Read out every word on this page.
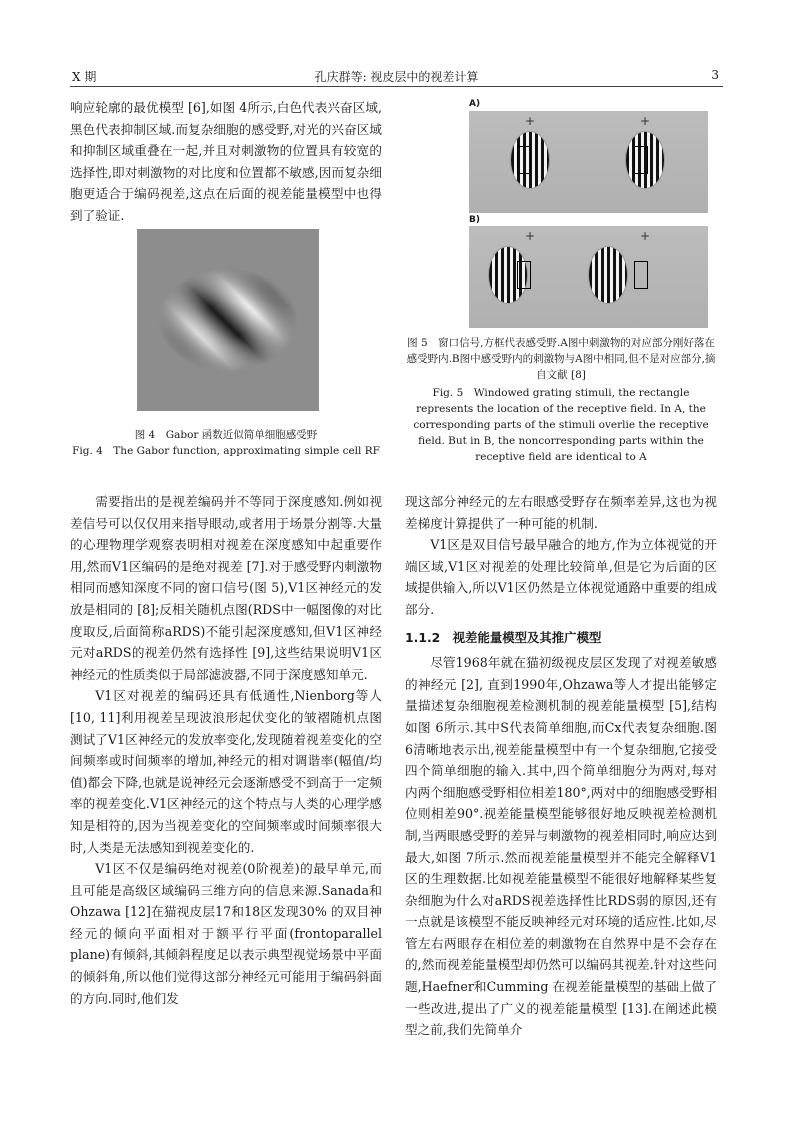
X 期	孔庆群等: 视皮层中的视差计算	3

响应轮廓的最优模型 [6],如图 4所示,白色代表兴奋区域,黑色代表抑制区域.而复杂细胞的感受野,对光的兴奋区域和抑制区域重叠在一起,并且对刺激物的位置具有较宽的选择性,即对刺激物的对比度和位置都不敏感,因而复杂细胞更适合于编码视差,这点在后面的视差能量模型中也得到了验证.

图 4　Gabor 函数近似简单细胞感受野
Fig. 4　The Gabor function, approximating simple cell RF
A)
+	+
B)
+	+
图 5　窗口信号,方框代表感受野.A图中刺激物的对应部分刚好落在感受野内.B图中感受野内的刺激物与A图中相同,但不是对应部分,摘自文献 [8]
Fig. 5　Windowed grating stimuli, the rectangle represents the location of the receptive field. In A, the corresponding parts of the stimuli overlie the receptive field. But in B, the noncorresponding parts within the receptive field are identical to A

需要指出的是视差编码并不等同于深度感知.例如视差信号可以仅仅用来指导眼动,或者用于场景分割等.大量的心理物理学观察表明相对视差在深度感知中起重要作用,然而V1区编码的是绝对视差 [7].对于感受野内刺激物相同而感知深度不同的窗口信号(图 5),V1区神经元的发放是相同的 [8];反相关随机点图(RDS中一幅图像的对比度取反,后面简称aRDS)不能引起深度感知,但V1区神经元对aRDS的视差仍然有选择性 [9],这些结果说明V1区神经元的性质类似于局部滤波器,不同于深度感知单元.

V1区对视差的编码还具有低通性,Nienborg等人 [10, 11]利用视差呈现波浪形起伏变化的皱褶随机点图测试了V1区神经元的发放率变化,发现随着视差变化的空间频率或时间频率的增加,神经元的相对调谐率(幅值/均值)都会下降,也就是说神经元会逐渐感受不到高于一定频率的视差变化.V1区神经元的这个特点与人类的心理学感知是相符的,因为当视差变化的空间频率或时间频率很大时,人类是无法感知到视差变化的.

V1区不仅是编码绝对视差(0阶视差)的最早单元,而且可能是高级区域编码三维方向的信息来源.Sanada和Ohzawa [12]在猫视皮层17和18区发现30% 的双目神经元的倾向平面相对于额平行平面(frontoparallel plane)有倾斜,其倾斜程度足以表示典型视觉场景中平面的倾斜角,所以他们觉得这部分神经元可能用于编码斜面的方向.同时,他们发

现这部分神经元的左右眼感受野存在频率差异,这也为视差梯度计算提供了一种可能的机制.

V1区是双目信号最早融合的地方,作为立体视觉的开端区域,V1区对视差的处理比较简单,但是它为后面的区域提供输入,所以V1区仍然是立体视觉通路中重要的组成部分.

1.1.2　视差能量模型及其推广模型

尽管1968年就在猫初级视皮层区发现了对视差敏感的神经元 [2], 直到1990年,Ohzawa等人才提出能够定量描述复杂细胞视差检测机制的视差能量模型 [5],结构如图 6所示.其中S代表简单细胞,而Cx代表复杂细胞.图 6清晰地表示出,视差能量模型中有一个复杂细胞,它接受四个简单细胞的输入.其中,四个简单细胞分为两对,每对内两个细胞感受野相位相差180°,两对中的细胞感受野相位则相差90°.视差能量模型能够很好地反映视差检测机制,当两眼感受野的差异与刺激物的视差相同时,响应达到最大,如图 7所示.然而视差能量模型并不能完全解释V1区的生理数据.比如视差能量模型不能很好地解释某些复杂细胞为什么对aRDS视差选择性比RDS弱的原因,还有一点就是该模型不能反映神经元对环境的适应性.比如,尽管左右两眼存在相位差的刺激物在自然界中是不会存在的,然而视差能量模型却仍然可以编码其视差.针对这些问题,Haefner和Cumming 在视差能量模型的基础上做了一些改进,提出了广义的视差能量模型 [13].在阐述此模型之前,我们先简单介
